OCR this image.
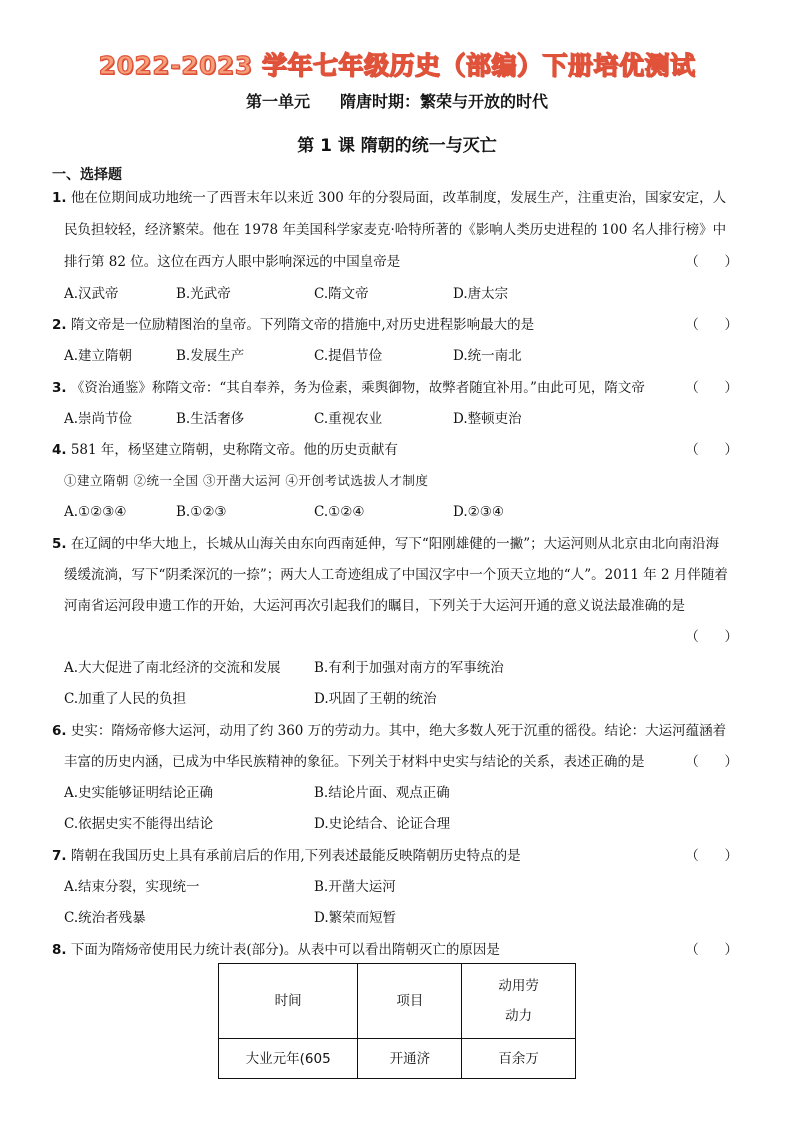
2022-2023 学年七年级历史（部编）下册培优测试
第一单元 隋唐时期：繁荣与开放的时代
第 1 课 隋朝的统一与灭亡
一、选择题
1. 他在位期间成功地统一了西晋末年以来近 300 年的分裂局面，改革制度，发展生产，注重吏治，国家安定，人
民负担较轻，经济繁荣。他在 1978 年美国科学家麦克·哈特所著的《影响人类历史进程的 100 名人排行榜》中
排行第 82 位。这位在西方人眼中影响深远的中国皇帝是	（      ）
A.汉武帝	B.光武帝	C.隋文帝	D.唐太宗
2. 隋文帝是一位励精图治的皇帝。下列隋文帝的措施中,对历史进程影响最大的是	（      ）
A.建立隋朝	B.发展生产	C.提倡节俭	D.统一南北
3. 《资治通鉴》称隋文帝：“其自奉养，务为俭素，乘舆御物，故弊者随宜补用。”由此可见，隋文帝	（      ）
A.崇尚节俭	B.生活奢侈	C.重视农业	D.整顿吏治
4. 581 年，杨坚建立隋朝，史称隋文帝。他的历史贡献有	（      ）
①建立隋朝 ②统一全国 ③开凿大运河 ④开创考试选拔人才制度
A.①②③④	B.①②③	C.①②④	D.②③④
5. 在辽阔的中华大地上，长城从山海关由东向西南延伸，写下“阳刚雄健的一撇”；大运河则从北京由北向南沿海
缓缓流淌，写下“阴柔深沉的一捺”；两大人工奇迹组成了中国汉字中一个顶天立地的“人”。2011 年 2 月伴随着
河南省运河段申遗工作的开始，大运河再次引起我们的瞩目，下列关于大运河开通的意义说法最准确的是
（      ）
A.大大促进了南北经济的交流和发展 B.有利于加强对南方的军事统治
C.加重了人民的负担	D.巩固了王朝的统治
6. 史实：隋炀帝修大运河，动用了约 360 万的劳动力。其中，绝大多数人死于沉重的徭役。结论：大运河蕴涵着
丰富的历史内涵，已成为中华民族精神的象征。下列关于材料中史实与结论的关系，表述正确的是	（      ）
A.史实能够证明结论正确	B.结论片面、观点正确
C.依据史实不能得出结论	D.史论结合、论证合理
7. 隋朝在我国历史上具有承前启后的作用,下列表述最能反映隋朝历史特点的是	（      ）
A.结束分裂，实现统一	B.开凿大运河
C.统治者残暴	D.繁荣而短暂
8. 下面为隋炀帝使用民力统计表(部分)。从表中可以看出隋朝灭亡的原因是	（      ）
时间	项目	动用劳
动力
大业元年(605	开通济	百余万
